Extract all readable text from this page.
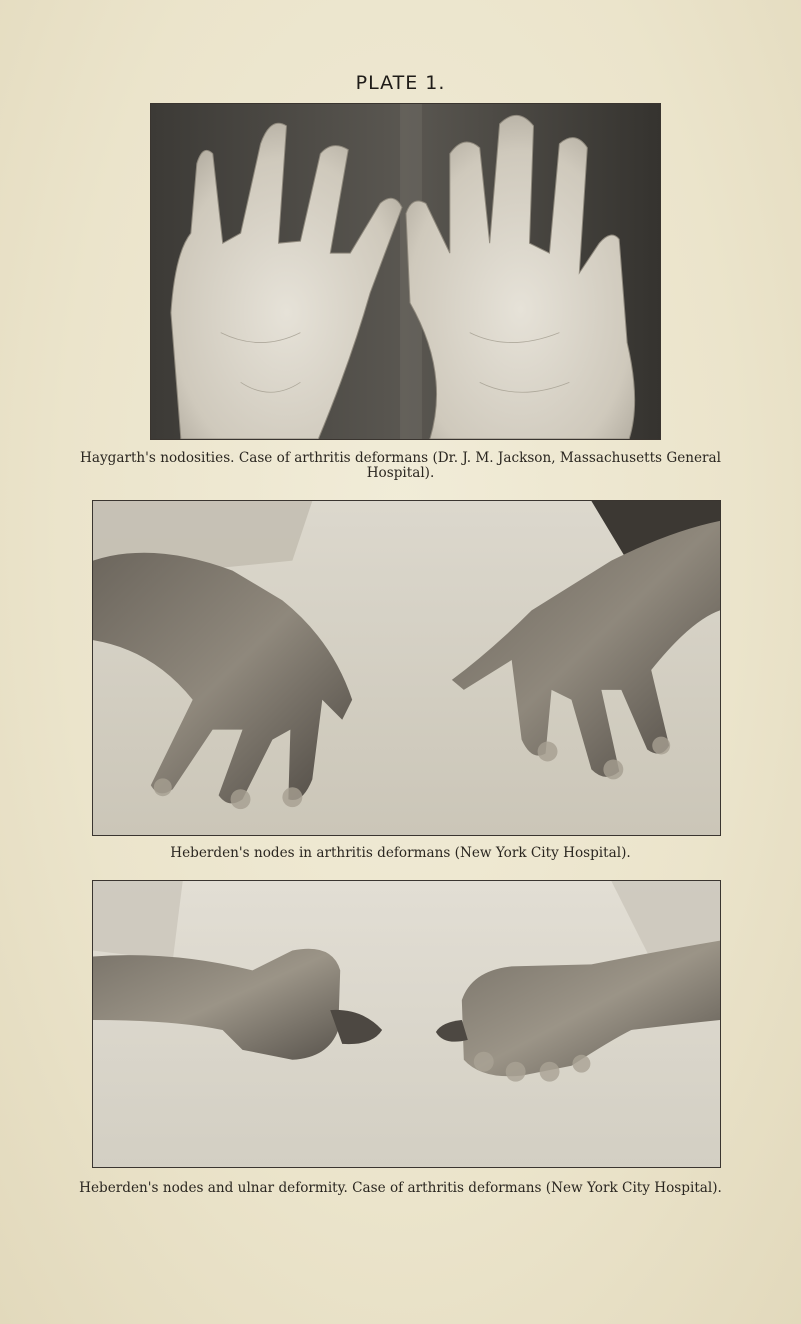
PLATE 1.

Haygarth's nodosities. Case of arthritis deformans (Dr. J. M. Jackson, Massachusetts General
Hospital).

Heberden's nodes in arthritis deformans (New York City Hospital).

Heberden's nodes and ulnar deformity. Case of arthritis deformans (New York City Hospital).
